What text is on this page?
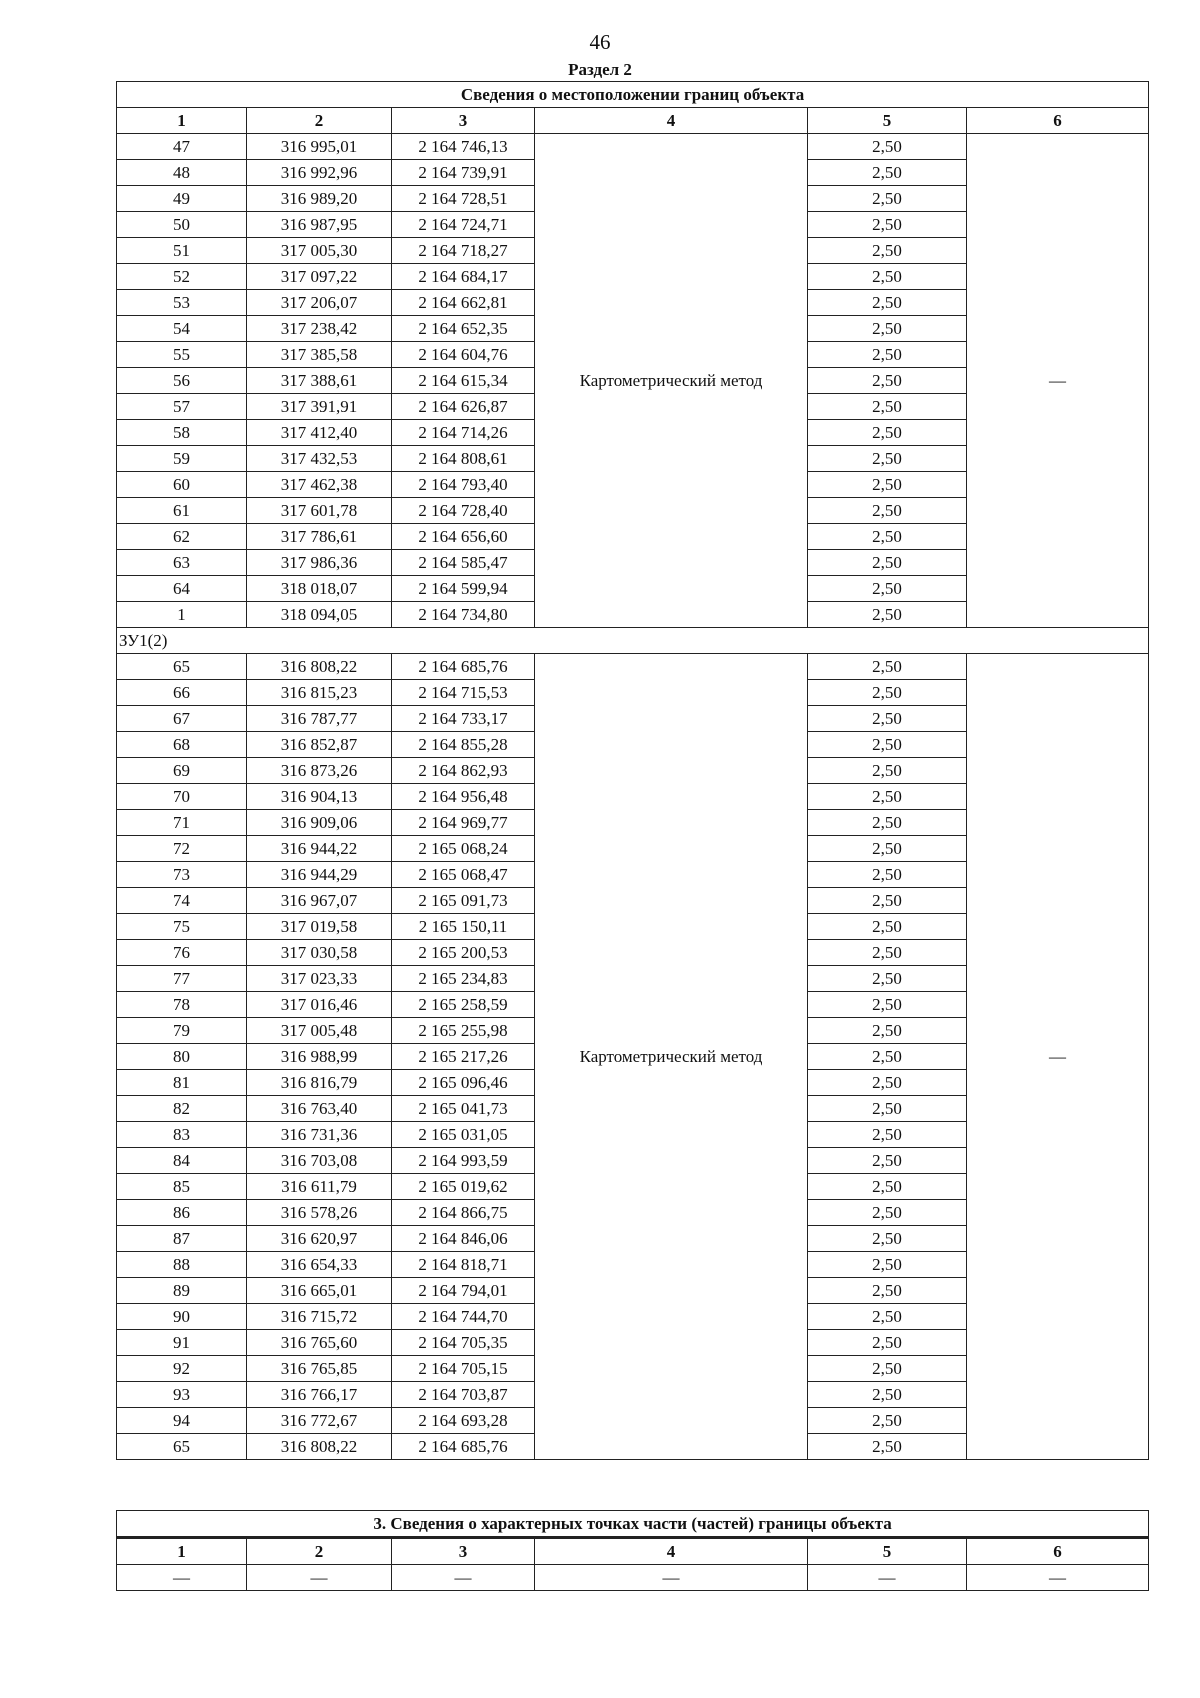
46
Раздел 2
Сведения о местоположении границ объекта					
1	2	3	4	5	6
47	316 995,01	2 164 746,13	Картометрический метод	2,50	—
48	316 992,96	2 164 739,91		2,50	
49	316 989,20	2 164 728,51		2,50	
50	316 987,95	2 164 724,71		2,50	
51	317 005,30	2 164 718,27		2,50	
52	317 097,22	2 164 684,17		2,50	
53	317 206,07	2 164 662,81		2,50	
54	317 238,42	2 164 652,35		2,50	
55	317 385,58	2 164 604,76		2,50	
56	317 388,61	2 164 615,34		2,50	
57	317 391,91	2 164 626,87		2,50	
58	317 412,40	2 164 714,26		2,50	
59	317 432,53	2 164 808,61		2,50	
60	317 462,38	2 164 793,40		2,50	
61	317 601,78	2 164 728,40		2,50	
62	317 786,61	2 164 656,60		2,50	
63	317 986,36	2 164 585,47		2,50	
64	318 018,07	2 164 599,94		2,50	
1	318 094,05	2 164 734,80		2,50	
ЗУ1(2)					
65	316 808,22	2 164 685,76	Картометрический метод	2,50	—
66	316 815,23	2 164 715,53		2,50	
67	316 787,77	2 164 733,17		2,50	
68	316 852,87	2 164 855,28		2,50	
69	316 873,26	2 164 862,93		2,50	
70	316 904,13	2 164 956,48		2,50	
71	316 909,06	2 164 969,77		2,50	
72	316 944,22	2 165 068,24		2,50	
73	316 944,29	2 165 068,47		2,50	
74	316 967,07	2 165 091,73		2,50	
75	317 019,58	2 165 150,11		2,50	
76	317 030,58	2 165 200,53		2,50	
77	317 023,33	2 165 234,83		2,50	
78	317 016,46	2 165 258,59		2,50	
79	317 005,48	2 165 255,98		2,50	
80	316 988,99	2 165 217,26		2,50	
81	316 816,79	2 165 096,46		2,50	
82	316 763,40	2 165 041,73		2,50	
83	316 731,36	2 165 031,05		2,50	
84	316 703,08	2 164 993,59		2,50	
85	316 611,79	2 165 019,62		2,50	
86	316 578,26	2 164 866,75		2,50	
87	316 620,97	2 164 846,06		2,50	
88	316 654,33	2 164 818,71		2,50	
89	316 665,01	2 164 794,01		2,50	
90	316 715,72	2 164 744,70		2,50	
91	316 765,60	2 164 705,35		2,50	
92	316 765,85	2 164 705,15		2,50	
93	316 766,17	2 164 703,87		2,50	
94	316 772,67	2 164 693,28		2,50	
65	316 808,22	2 164 685,76		2,50	
3. Сведения о характерных точках части (частей) границы объекта					
1	2	3	4	5	6
—	—	—	—	—	—
